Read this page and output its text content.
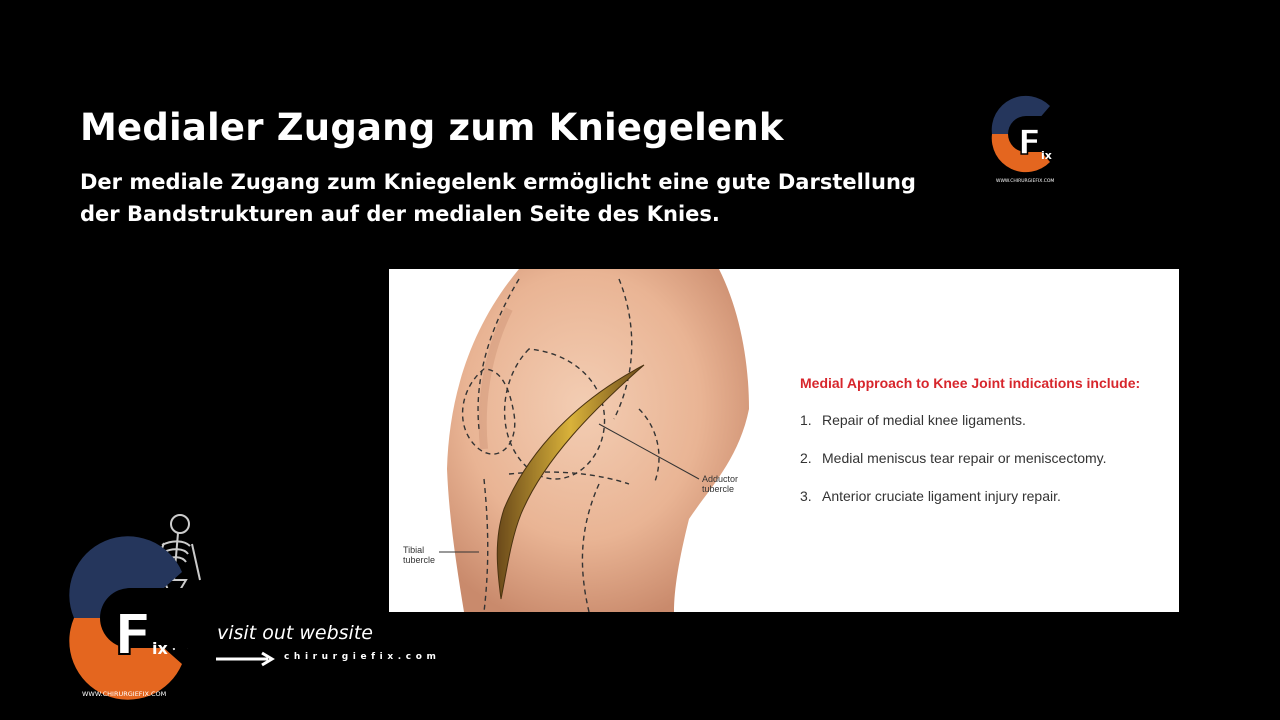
Medialer Zugang zum Kniegelenk

Der mediale Zugang zum Kniegelenk ermöglicht eine gute Darstellung der Bandstrukturen auf der medialen Seite des Knies.

F ix
WWW.CHIRURGIEFIX.COM
Adductor
tubercle
Tibial
tubercle
Medial Approach to Knee Joint indications include:
1. Repair of medial knee ligaments.
2. Medial meniscus tear repair or meniscectomy.
3. Anterior cruciate ligament injury repair.
F ix
WWW.CHIRURGIEFIX.COM
visit out website
chirurgiefix.com
